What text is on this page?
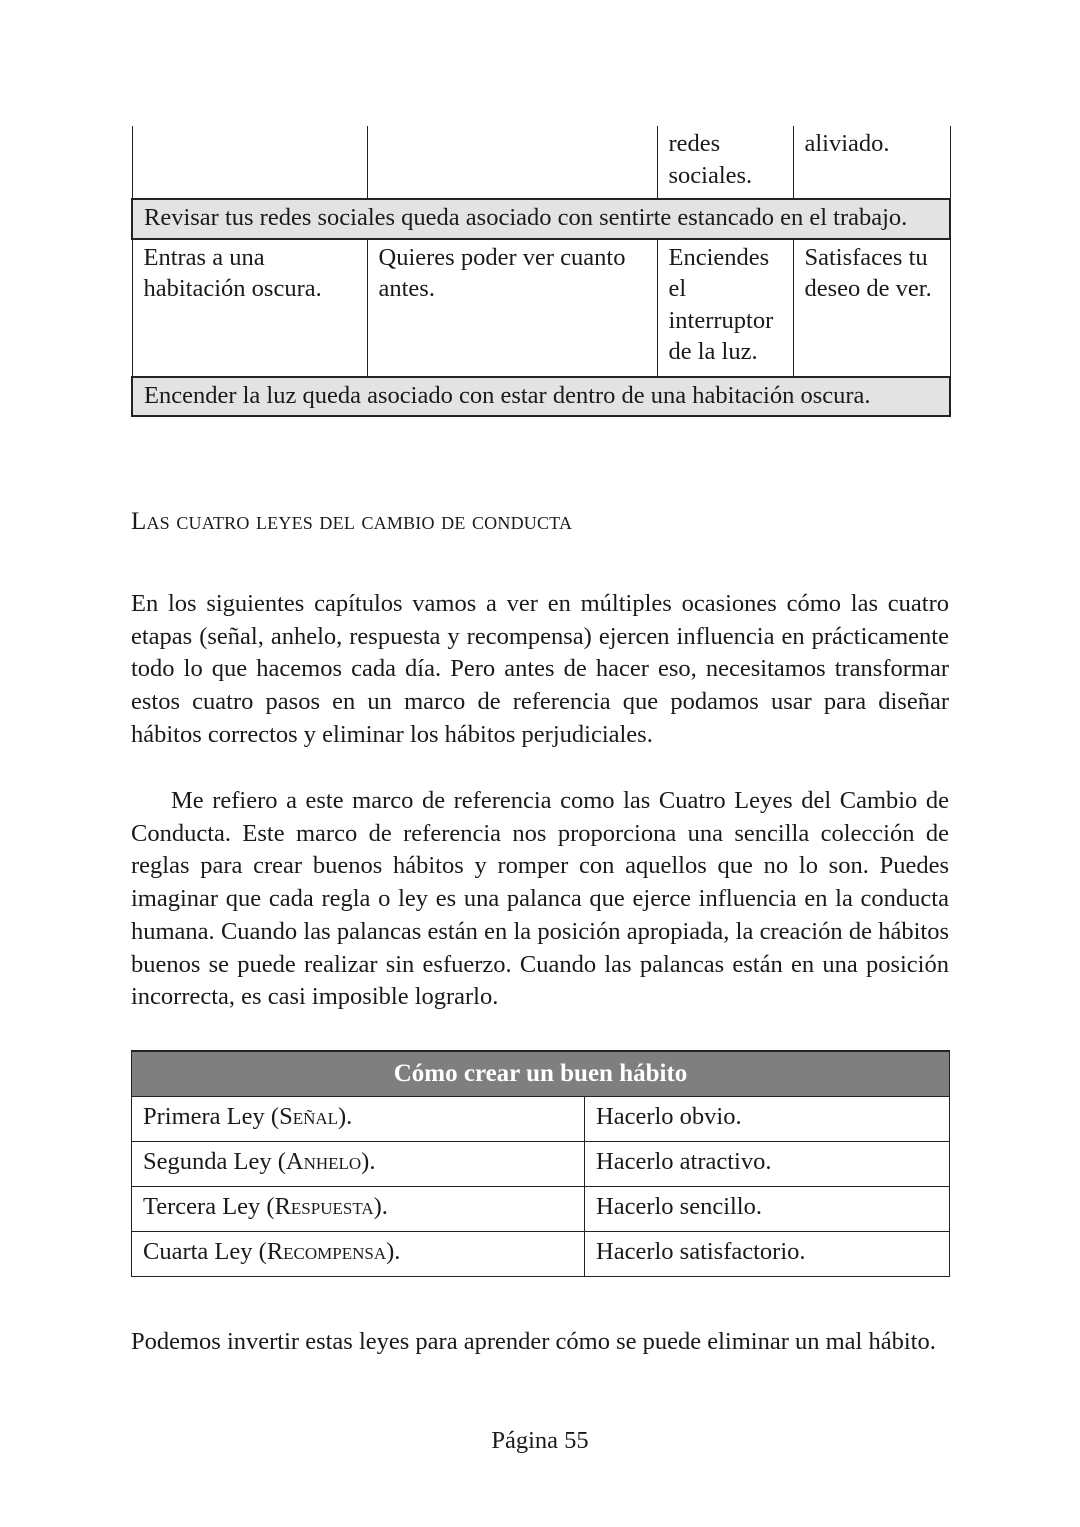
		redes sociales.	aliviado.
Revisar tus redes sociales queda asociado con sentirte estancado en el trabajo.			
Entras a una habitación oscura.	Quieres poder ver cuanto antes.	Enciendes el interruptor de la luz.	Satisfaces tu deseo de ver.
Encender la luz queda asociado con estar dentro de una habitación oscura.			
Las cuatro leyes del cambio de conducta
En los siguientes capítulos vamos a ver en múltiples ocasiones cómo las cuatro etapas (señal, anhelo, respuesta y recompensa) ejercen influencia en prácticamente todo lo que hacemos cada día. Pero antes de hacer eso, necesitamos transformar estos cuatro pasos en un marco de referencia que podamos usar para diseñar hábitos correctos y eliminar los hábitos perjudiciales.
Me refiero a este marco de referencia como las Cuatro Leyes del Cambio de Conducta. Este marco de referencia nos proporciona una sencilla colección de reglas para crear buenos hábitos y romper con aquellos que no lo son. Puedes imaginar que cada regla o ley es una palanca que ejerce influencia en la conducta humana. Cuando las palancas están en la posición apropiada, la creación de hábitos buenos se puede realizar sin esfuerzo. Cuando las palancas están en una posición incorrecta, es casi imposible lograrlo.
Cómo crear un buen hábito	
Primera Ley (Señal).	Hacerlo obvio.
Segunda Ley (Anhelo).	Hacerlo atractivo.
Tercera Ley (Respuesta).	Hacerlo sencillo.
Cuarta Ley (Recompensa).	Hacerlo satisfactorio.
Podemos invertir estas leyes para aprender cómo se puede eliminar un mal hábito.
Página 55
